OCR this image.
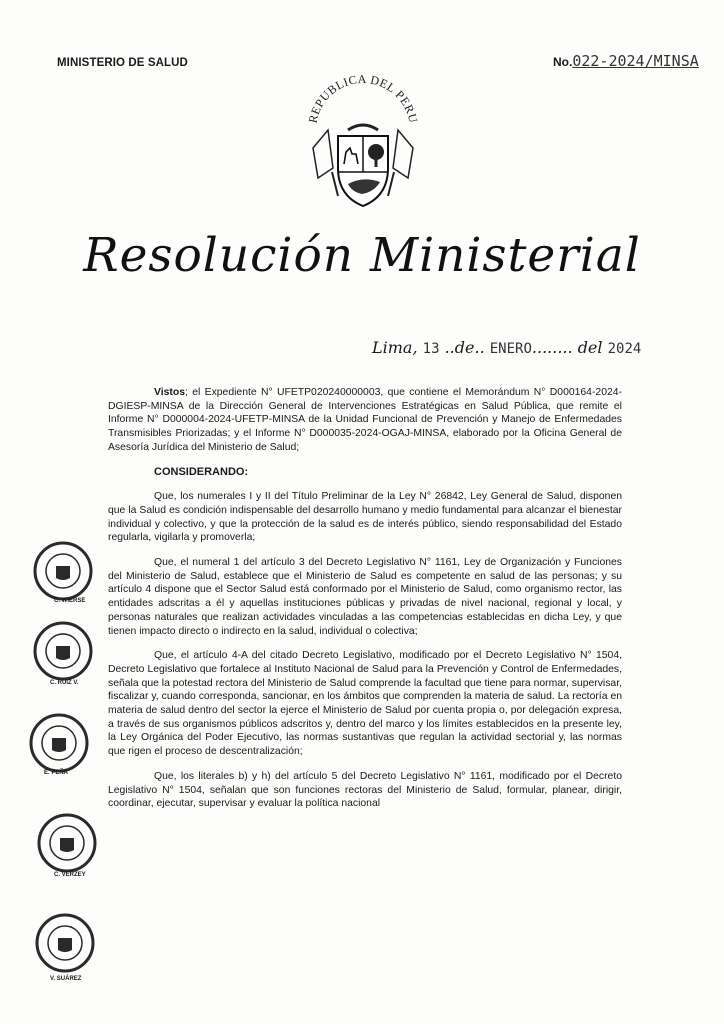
MINISTERIO DE SALUD	No.022-2024/MINSA
REPUBLICA DEL PERU
Resolución Ministerial
Lima, 13 ..de.. ENERO........ del 2024

Vistos; el Expediente N° UFETP020240000003, que contiene el Memorándum N° D000164-2024-DGIESP-MINSA de la Dirección General de Intervenciones Estratégicas en Salud Pública, que remite el Informe N° D000004-2024-UFETP-MINSA de la Unidad Funcional de Prevención y Manejo de Enfermedades Transmisibles Priorizadas; y el Informe N° D000035-2024-OGAJ-MINSA, elaborado por la Oficina General de Asesoría Jurídica del Ministerio de Salud;

CONSIDERANDO:

Que, los numerales I y II del Título Preliminar de la Ley N° 26842, Ley General de Salud, disponen que la Salud es condición indispensable del desarrollo humano y medio fundamental para alcanzar el bienestar individual y colectivo, y que la protección de la salud es de interés público, siendo responsabilidad del Estado regularla, vigilarla y promoverla;

Que, el numeral 1 del artículo 3 del Decreto Legislativo N° 1161, Ley de Organización y Funciones del Ministerio de Salud, establece que el Ministerio de Salud es competente en salud de las personas; y su artículo 4 dispone que el Sector Salud está conformado por el Ministerio de Salud, como organismo rector, las entidades adscritas a él y aquellas instituciones públicas y privadas de nivel nacional, regional y local, y personas naturales que realizan actividades vinculadas a las competencias establecidas en dicha Ley, y que tienen impacto directo o indirecto en la salud, individual o colectiva;

Que, el artículo 4-A del citado Decreto Legislativo, modificado por el Decreto Legislativo N° 1504, Decreto Legislativo que fortalece al Instituto Nacional de Salud para la Prevención y Control de Enfermedades, señala que la potestad rectora del Ministerio de Salud comprende la facultad que tiene para normar, supervisar, fiscalizar y, cuando corresponda, sancionar, en los ámbitos que comprenden la materia de salud. La rectoría en materia de salud dentro del sector la ejerce el Ministerio de Salud por cuenta propia o, por delegación expresa, a través de sus organismos públicos adscritos y, dentro del marco y los límites establecidos en la presente ley, la Ley Orgánica del Poder Ejecutivo, las normas sustantivas que regulan la actividad sectorial y, las normas que rigen el proceso de descentralización;

Que, los literales b) y h) del artículo 5 del Decreto Legislativo N° 1161, modificado por el Decreto Legislativo N° 1504, señalan que son funciones rectoras del Ministerio de Salud, formular, planear, dirigir, coordinar, ejecutar, supervisar y evaluar la política nacional

C. WIERSE
C. RUIZ V.
E. PEÑA
C. VERZEY
V. SUÁREZ
